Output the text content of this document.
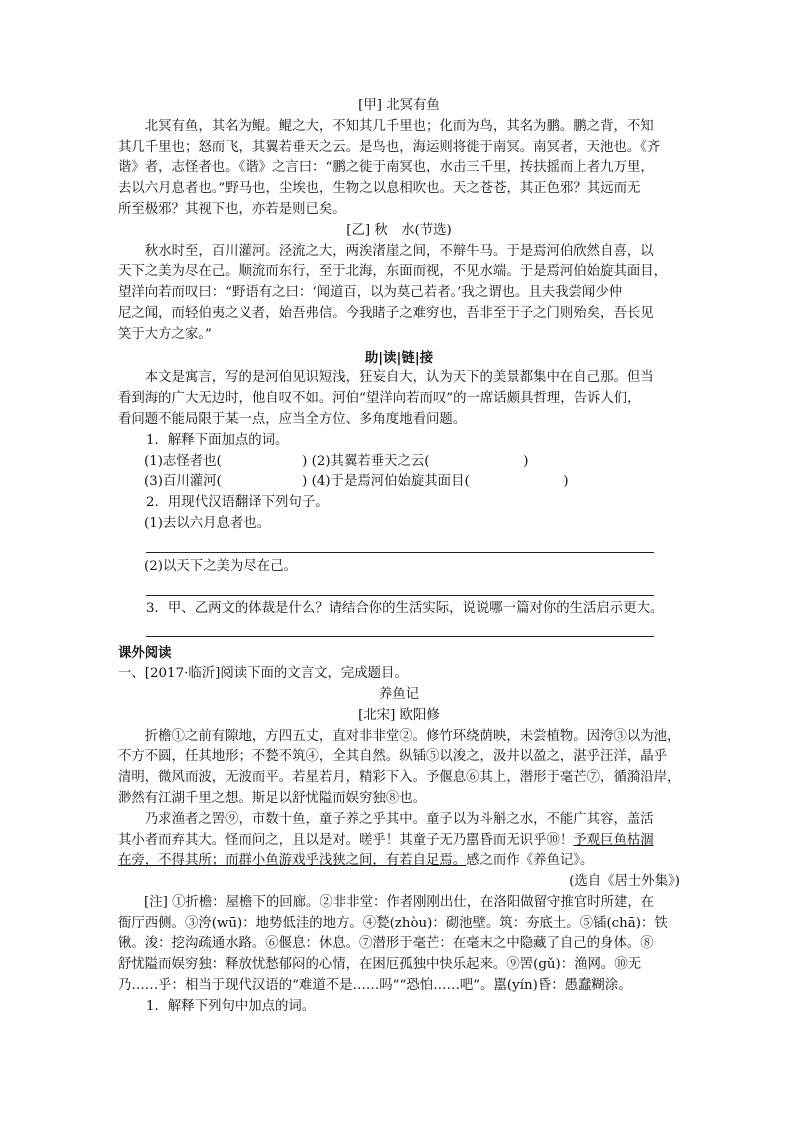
[甲] 北冥有鱼

北冥有鱼，其名为鲲。鲲之大，不知其几千里也；化而为鸟，其名为鹏。鹏之背，不知

其几千里也；怒而飞，其翼若垂天之云。是鸟也，海运则将徙于南冥。南冥者，天池也。《齐

谐》者，志怪者也。《谐》之言曰：“鹏之徙于南冥也，水击三千里，抟扶摇而上者九万里，

去以六月息者也。”野马也，尘埃也，生物之以息相吹也。天之苍苍，其正色邪？其远而无

所至极邪？其视下也，亦若是则已矣。

[乙] 秋　水(节选)

秋水时至，百川灌河。泾流之大，两涘渚崖之间，不辩牛马。于是焉河伯欣然自喜，以

天下之美为尽在己。顺流而东行，至于北海，东面而视，不见水端。于是焉河伯始旋其面目，

望洋向若而叹曰：“野语有之曰：‘闻道百，以为莫己若者。’我之谓也。且夫我尝闻少仲

尼之闻，而轻伯夷之义者，始吾弗信。今我睹子之难穷也，吾非至于子之门则殆矣，吾长见

笑于大方之家。”

助|读|链|接

本文是寓言，写的是河伯见识短浅，狂妄自大，认为天下的美景都集中在自己那。但当

看到海的广大无边时，他自叹不如。河伯“望洋向若而叹”的一席话颇具哲理，告诉人们，

看问题不能局限于某一点，应当全方位、多角度地看问题。

1．解释下面加点的词。

(1)志怪者也(　　　　　　) (2)其翼若垂天之云(　　　　　　　)

(3)百川灌河(　　　　　　) (4)于是焉河伯始旋其面目(　　　　　　　)

2．用现代汉语翻译下列句子。

(1)去以六月息者也。

(2)以天下之美为尽在己。

3．甲、乙两文的体裁是什么？请结合你的生活实际，说说哪一篇对你的生活启示更大。

课外阅读

一、[2017·临沂]阅读下面的文言文，完成题目。

养鱼记

[北宋] 欧阳修

折檐①之前有隙地，方四五丈，直对非非堂②。修竹环绕荫映，未尝植物。因洿③以为池，

不方不圆，任其地形；不甃不筑④，全其自然。纵锸⑤以浚之，汲井以盈之，湛乎汪洋，晶乎

清明，微风而波，无波而平。若星若月，精彩下入。予偃息⑥其上，潜形于毫芒⑦，循漪沿岸，

渺然有江湖千里之想。斯足以舒忧隘而娱穷独⑧也。

乃求渔者之罟⑨，市数十鱼，童子养之乎其中。童子以为斗斛之水，不能广其容，盖活

其小者而弃其大。怪而问之，且以是对。嗟乎！其童子无乃嚚昏而无识乎⑩！予观巨鱼枯涸

在旁，不得其所；而群小鱼游戏乎浅狭之间，有若自足焉。感之而作《养鱼记》。

(选自《居士外集》)

[注] ①折檐：屋檐下的回廊。②非非堂：作者刚刚出仕，在洛阳做留守推官时所建，在

衙厅西侧。③洿(wū)：地势低洼的地方。④甃(zhòu)：砌池壁。筑：夯底土。⑤锸(chā)：铁

锹。浚：挖沟疏通水路。⑥偃息：休息。⑦潜形于毫芒：在毫末之中隐藏了自己的身体。⑧

舒忧隘而娱穷独：释放忧愁郁闷的心情，在困厄孤独中快乐起来。⑨罟(gǔ)：渔网。⑩无

乃……乎：相当于现代汉语的“难道不是……吗”“恐怕……吧”。嚚(yín)昏：愚蠢糊涂。

1．解释下列句中加点的词。
